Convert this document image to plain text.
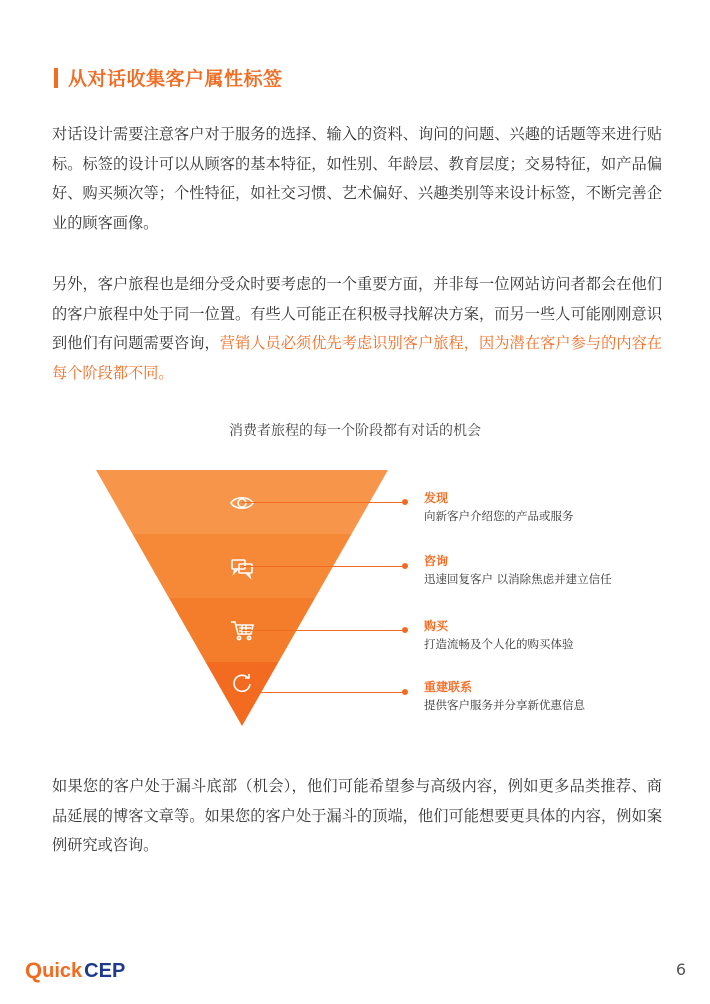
从对话收集客户属性标签
对话设计需要注意客户对于服务的选择、输入的资料、询问的问题、兴趣的话题等来进行贴标。标签的设计可以从顾客的基本特征，如性别、年龄层、教育层度；交易特征，如产品偏好、购买频次等；个性特征，如社交习惯、艺术偏好、兴趣类别等来设计标签，不断完善企业的顾客画像。
另外，客户旅程也是细分受众时要考虑的一个重要方面，并非每一位网站访问者都会在他们的客户旅程中处于同一位置。有些人可能正在积极寻找解决方案，而另一些人可能刚刚意识到他们有问题需要咨询，营销人员必须优先考虑识别客户旅程，因为潜在客户参与的内容在每个阶段都不同。
消费者旅程的每一个阶段都有对话的机会
发现
向新客户介绍您的产品或服务
咨询
迅速回复客户 以消除焦虑并建立信任
购买
打造流畅及个人化的购买体验
重建联系
提供客户服务并分享新优惠信息
如果您的客户处于漏斗底部（机会），他们可能希望参与高级内容，例如更多品类推荐、商品延展的博客文章等。如果您的客户处于漏斗的顶端，他们可能想要更具体的内容，例如案例研究或咨询。
Q uick CEP	6
